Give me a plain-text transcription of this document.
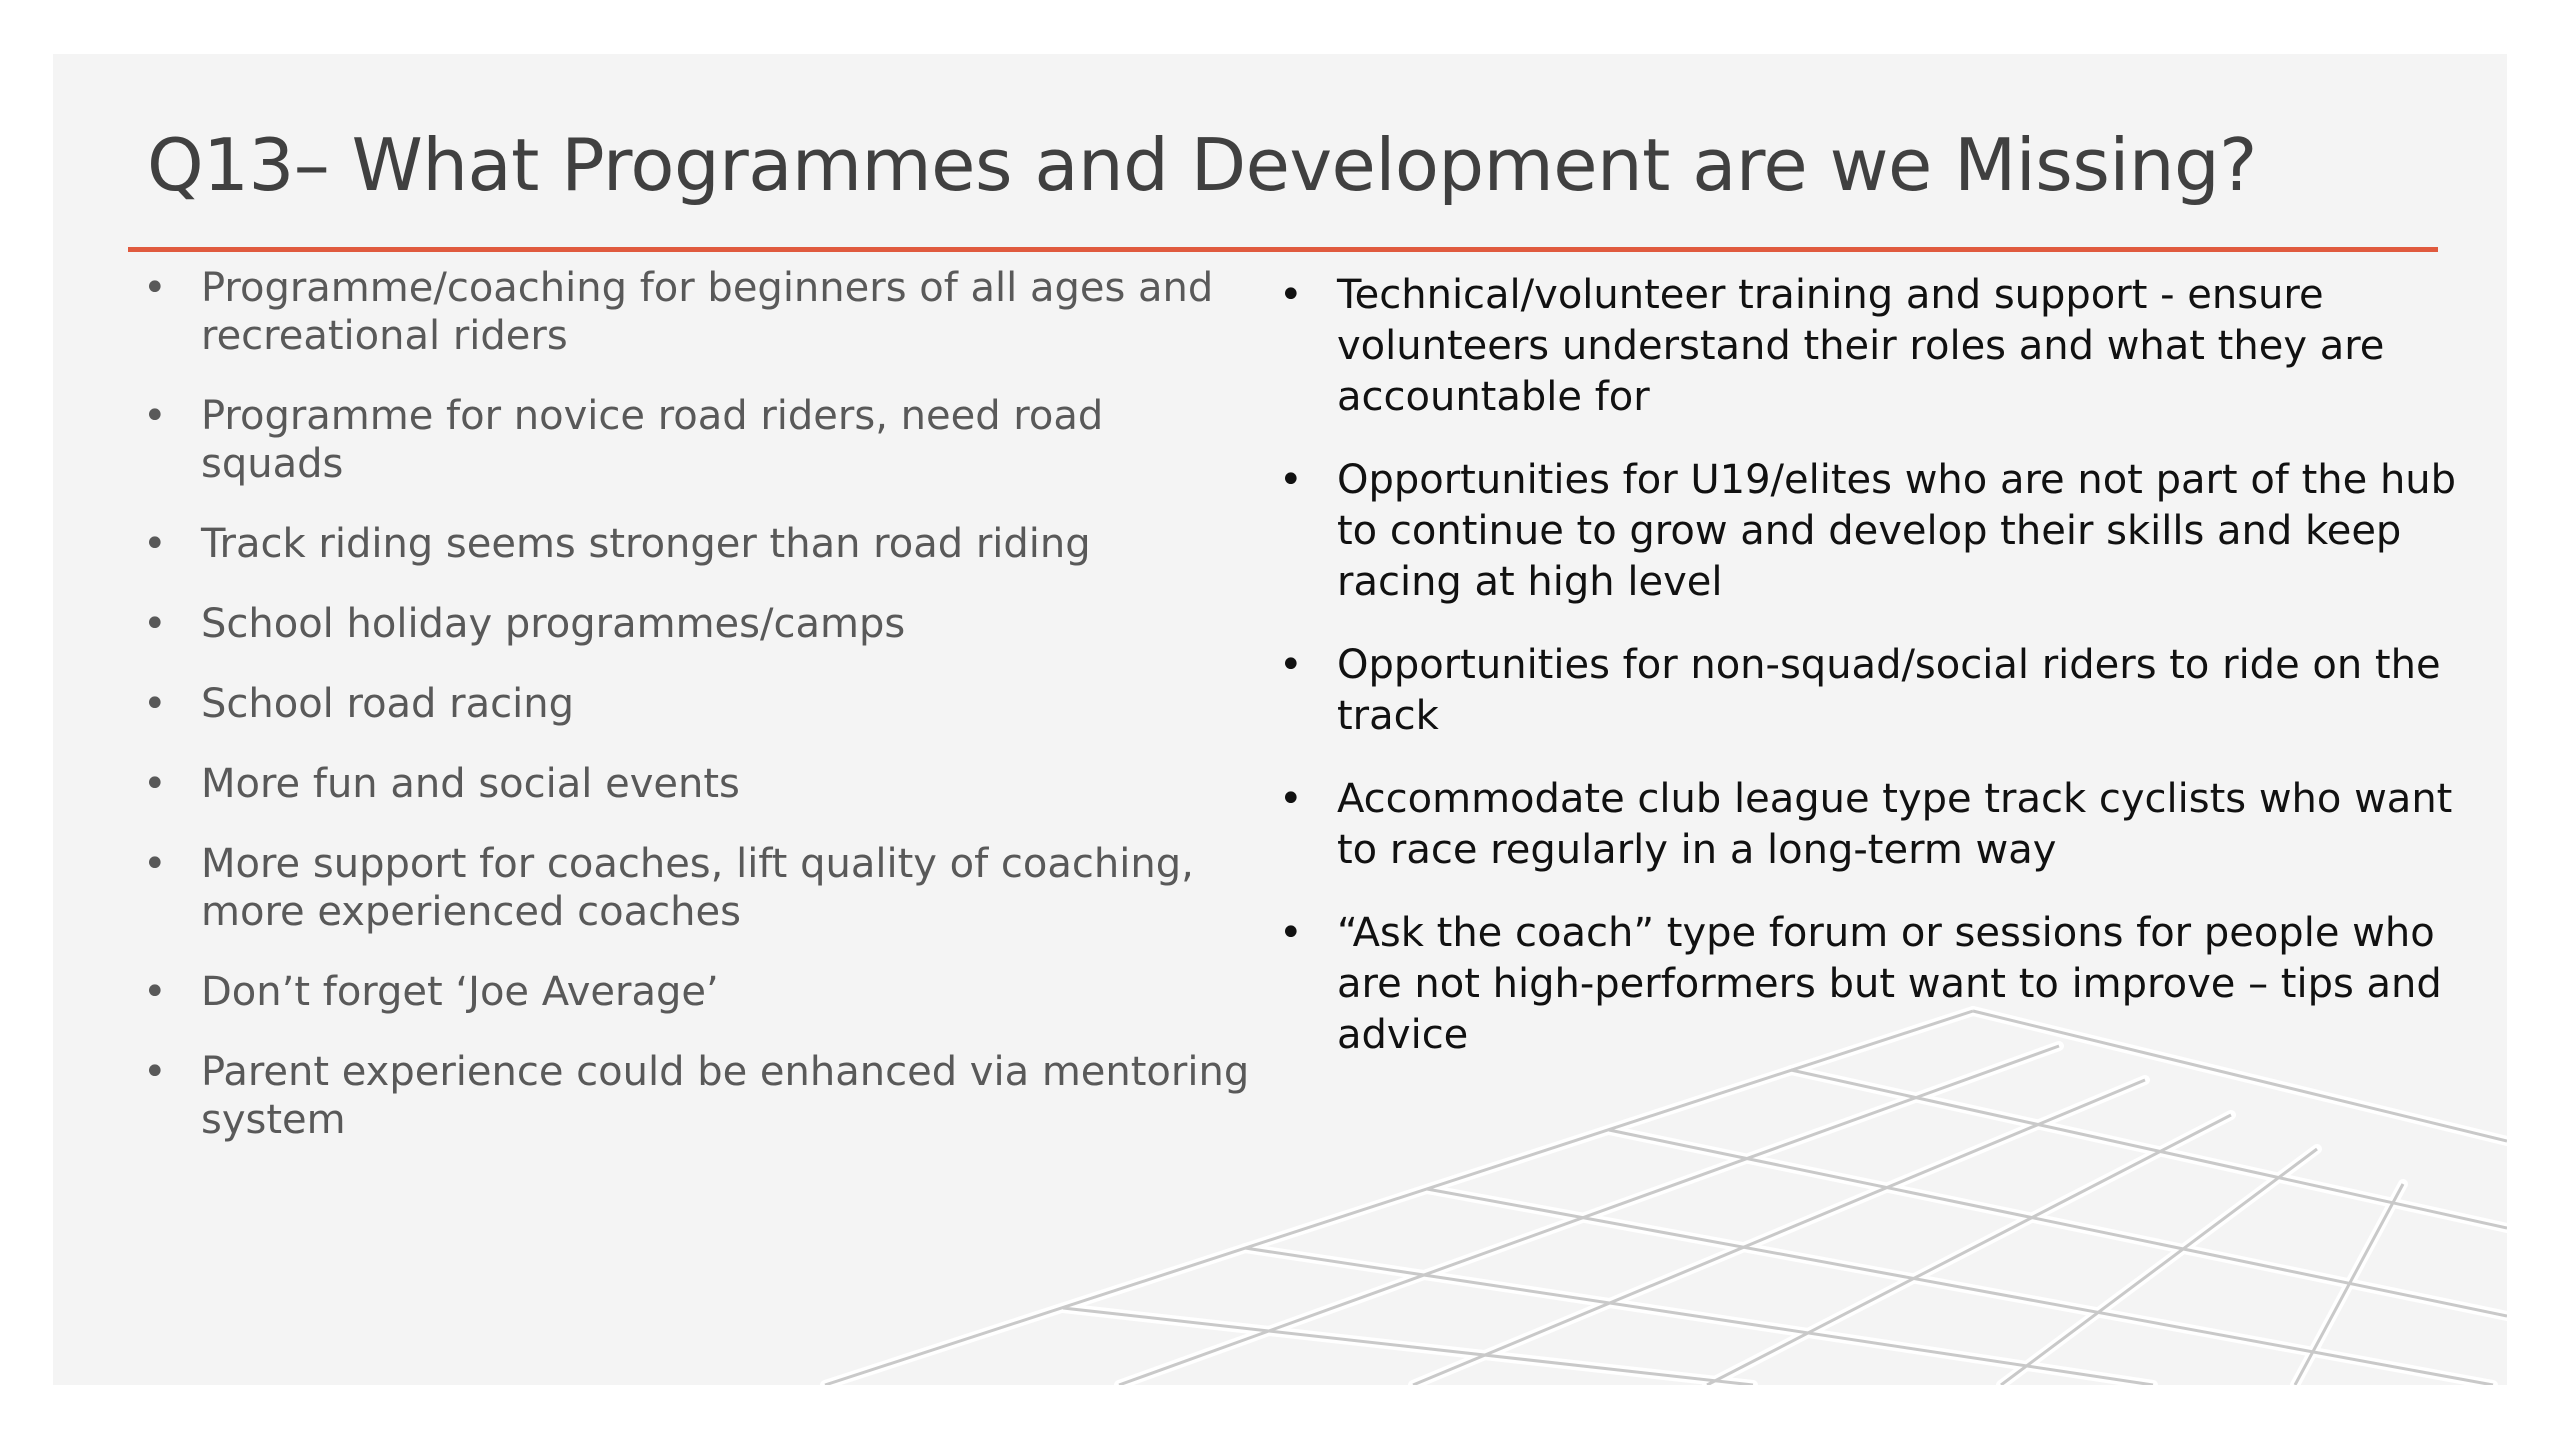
Q13– What Programmes and Development are we Missing?
• Programme/coaching for beginners of all ages and recreational riders
• Programme for novice road riders, need road squads
• Track riding seems stronger than road riding
• School holiday programmes/camps
• School road racing
• More fun and social events
• More support for coaches, lift quality of coaching, more experienced coaches
• Don’t forget ‘Joe Average’
• Parent experience could be enhanced via mentoring system
• Technical/volunteer training and support - ensure volunteers understand their roles and what they are accountable for
• Opportunities for U19/elites who are not part of the hub to continue to grow and develop their skills and keep racing at high level
• Opportunities for non-squad/social riders to ride on the track
• Accommodate club league type track cyclists who want to race regularly in a long-term way
• “Ask the coach” type forum or sessions for people who are not high-performers but want to improve – tips and advice
